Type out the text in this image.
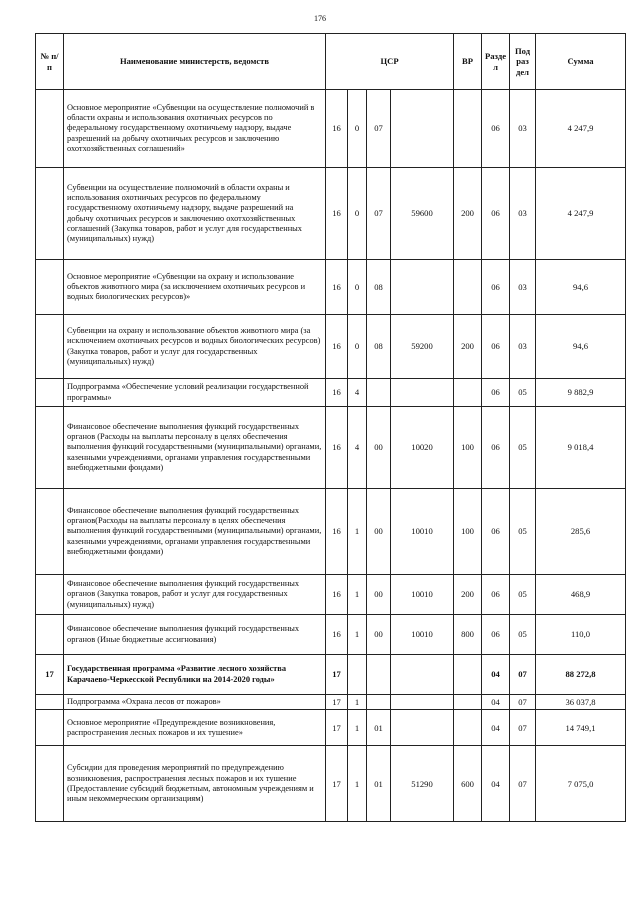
176
№ п/п	Наименование министерств, ведомств	ЦСР				ВР	Разде л	Под раз дел	Сумма
	Основное мероприятие «Субвенции на осуществление полномочий в области охраны и использования охотничьих ресурсов по федеральному государственному охотничьему надзору, выдаче разрешений на добычу охотничьих ресурсов и заключению охотхозяйственных соглашений»	16	0	07			06	03	4 247,9
	Субвенции на осуществление полномочий в области охраны и использования охотничьих ресурсов по федеральному государственному охотничьему надзору, выдаче разрешений на добычу охотничьих ресурсов и заключению охотхозяйственных соглашений (Закупка товаров, работ и услуг для государственных (муниципальных) нужд)	16	0	07	59600	200	06	03	4 247,9
	Основное мероприятие «Субвенции на охрану и использование объектов животного мира (за исключением охотничьих ресурсов и водных биологических ресурсов)»	16	0	08			06	03	94,6
	Субвенции на охрану и использование объектов животного мира (за исключением охотничьих ресурсов и водных биологических ресурсов) (Закупка товаров, работ и услуг для государственных (муниципальных) нужд)	16	0	08	59200	200	06	03	94,6
	Подпрограмма «Обеспечение условий реализации государственной программы»	16	4				06	05	9 882,9
	Финансовое обеспечение выполнения функций государственных органов (Расходы на выплаты персоналу в целях обеспечения выполнения функций государственными (муниципальными) органами, казенными учреждениями, органами управления государственными внебюджетными фондами)	16	4	00	10020	100	06	05	9 018,4
	Финансовое обеспечение выполнения функций государственных органов(Расходы на выплаты персоналу в целях обеспечения выполнения функций государственными (муниципальными) органами, казенными учреждениями, органами управления государственными внебюджетными фондами)	16	1	00	10010	100	06	05	285,6
	Финансовое обеспечение выполнения функций государственных органов (Закупка товаров, работ и услуг для государственных (муниципальных) нужд)	16	1	00	10010	200	06	05	468,9
	Финансовое обеспечение выполнения функций государственных органов (Иные бюджетные ассигнования)	16	1	00	10010	800	06	05	110,0
17	Государственная программа «Развитие лесного хозяйства Карачаево-Черкесской Республики на 2014-2020 годы»	17					04	07	88 272,8
	Подпрограмма «Охрана лесов от пожаров»	17	1				04	07	36 037,8
	Основное мероприятие «Предупреждение возникновения, распространения лесных пожаров и их тушение»	17	1	01			04	07	14 749,1
	Субсидии для проведения мероприятий по предупреждению возникновения, распространения лесных пожаров и их тушение (Предоставление субсидий бюджетным, автономным учреждениям и иным некоммерческим организациям)	17	1	01	51290	600	04	07	7 075,0
